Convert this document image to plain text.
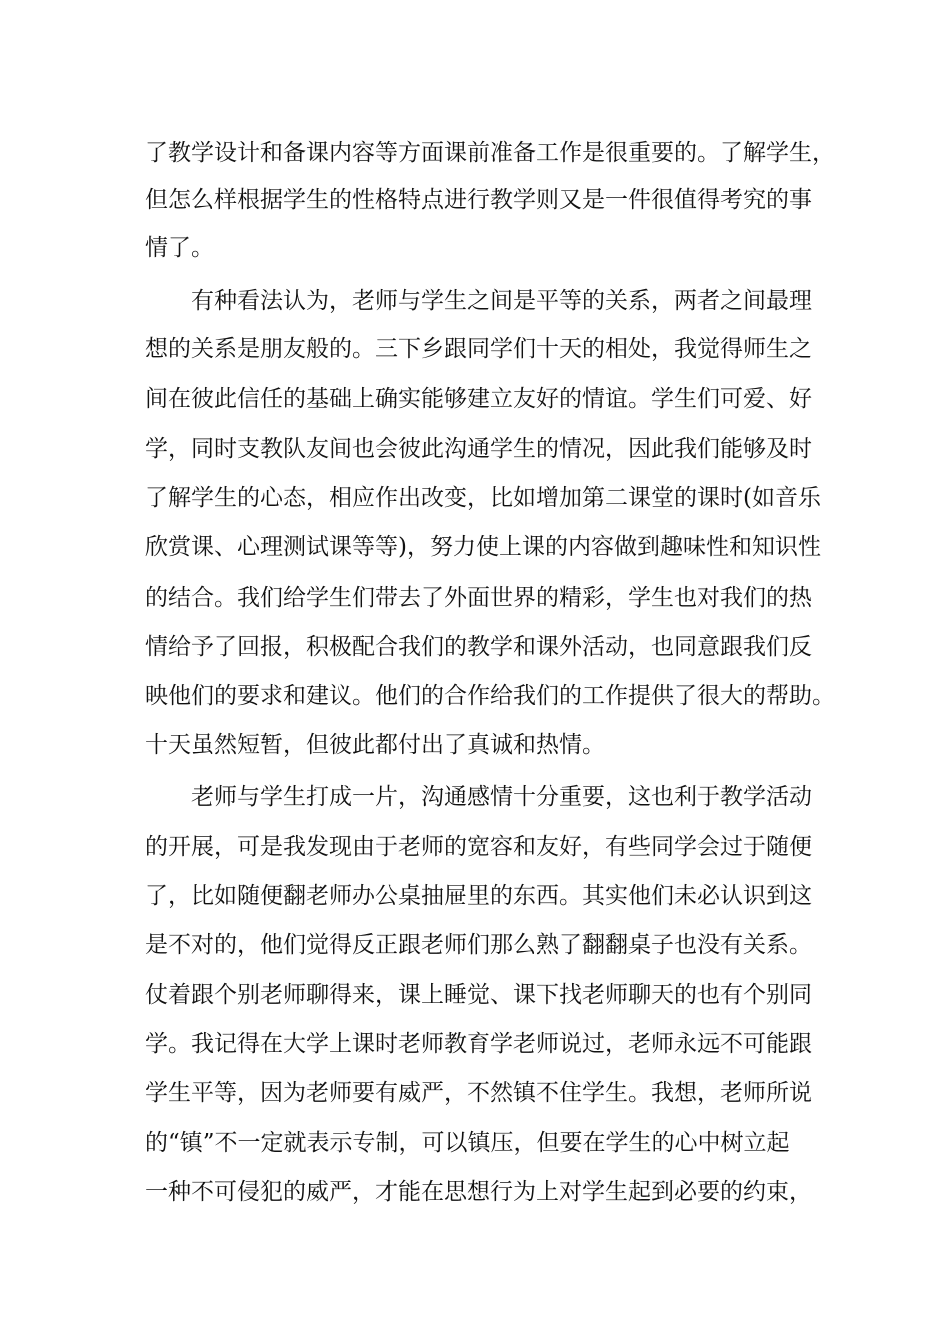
了教学设计和备课内容等方面课前准备工作是很重要的。了解学生，
但怎么样根据学生的性格特点进行教学则又是一件很值得考究的事
情了。
有种看法认为，老师与学生之间是平等的关系，两者之间最理
想的关系是朋友般的。三下乡跟同学们十天的相处，我觉得师生之
间在彼此信任的基础上确实能够建立友好的情谊。学生们可爱、好
学，同时支教队友间也会彼此沟通学生的情况，因此我们能够及时
了解学生的心态，相应作出改变，比如增加第二课堂的课时(如音乐
欣赏课、心理测试课等等)，努力使上课的内容做到趣味性和知识性
的结合。我们给学生们带去了外面世界的精彩，学生也对我们的热
情给予了回报，积极配合我们的教学和课外活动，也同意跟我们反
映他们的要求和建议。他们的合作给我们的工作提供了很大的帮助。
十天虽然短暂，但彼此都付出了真诚和热情。
老师与学生打成一片，沟通感情十分重要，这也利于教学活动
的开展，可是我发现由于老师的宽容和友好，有些同学会过于随便
了，比如随便翻老师办公桌抽屉里的东西。其实他们未必认识到这
是不对的，他们觉得反正跟老师们那么熟了翻翻桌子也没有关系。
仗着跟个别老师聊得来，课上睡觉、课下找老师聊天的也有个别同
学。我记得在大学上课时老师教育学老师说过，老师永远不可能跟
学生平等，因为老师要有威严，不然镇不住学生。我想，老师所说
的“镇”不一定就表示专制，可以镇压，但要在学生的心中树立起
一种不可侵犯的威严，才能在思想行为上对学生起到必要的约束，
